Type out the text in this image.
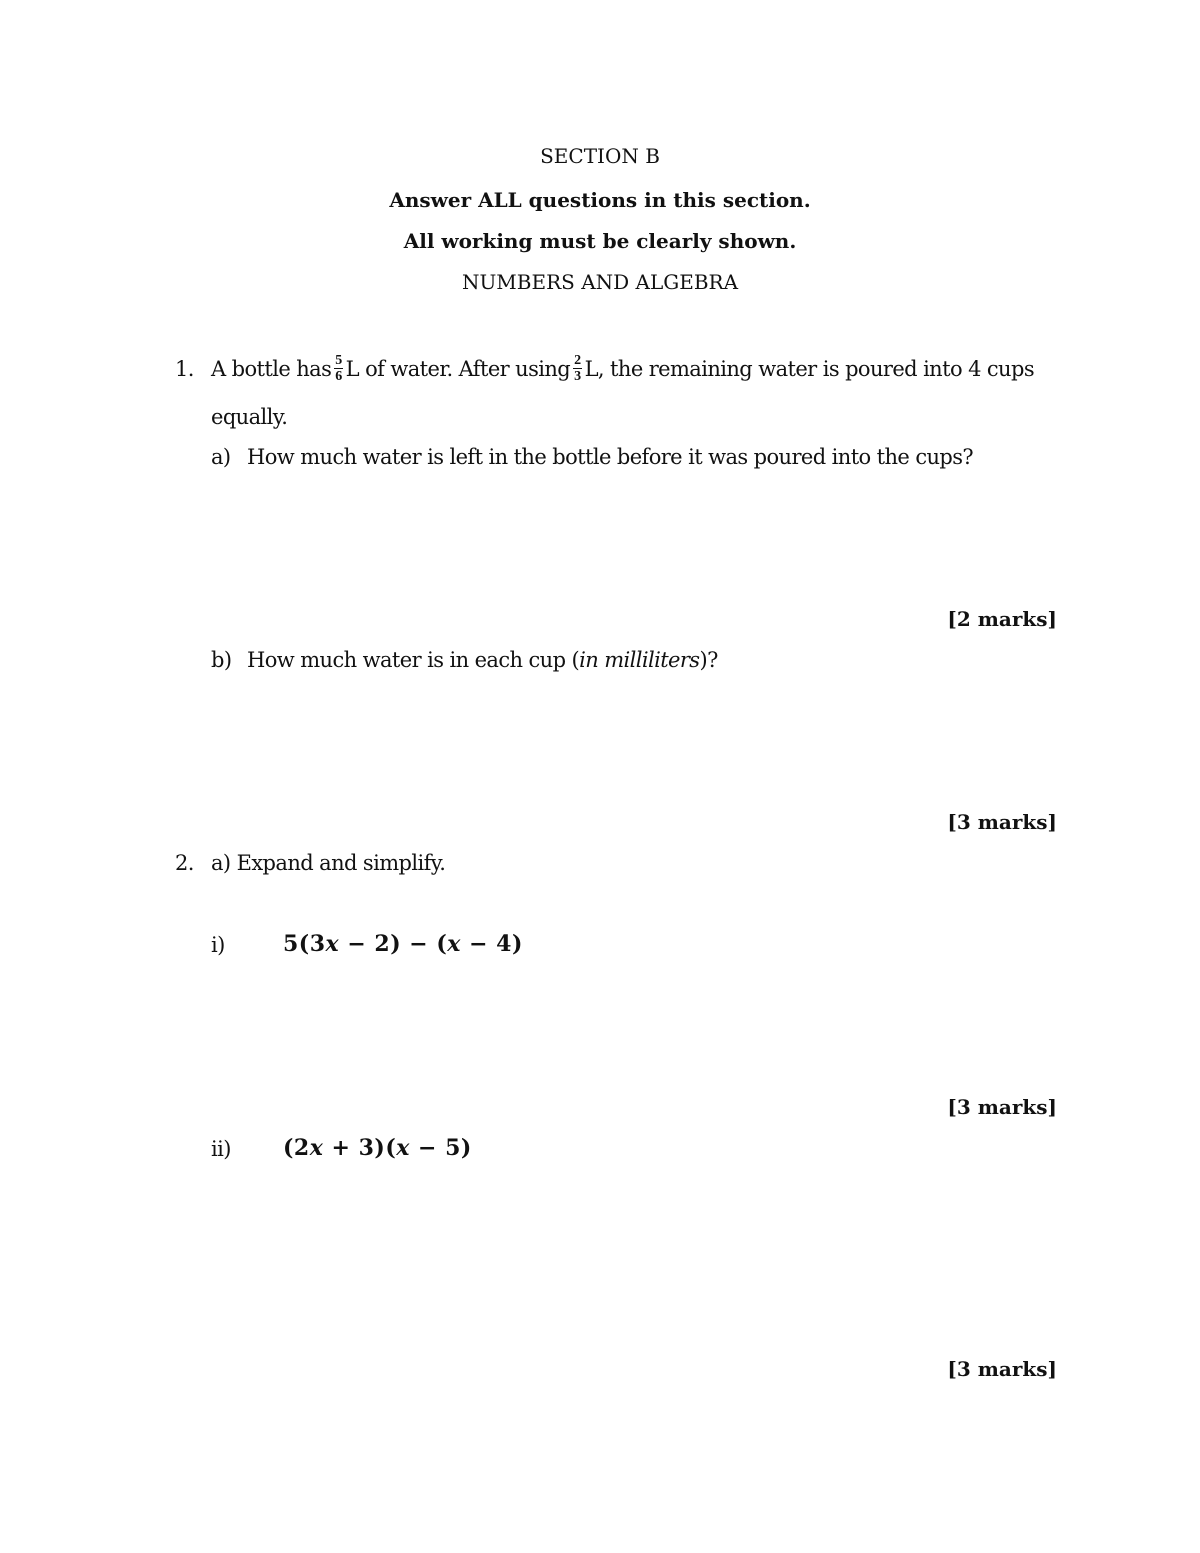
SECTION B
Answer ALL questions in this section.
All working must be clearly shown.
NUMBERS AND ALGEBRA
1. A bottle has $\frac{5}{6}$ L of water. After using $\frac{2}{3} L$, the remaining water is poured into 4 cups
equally.
a) How much water is left in the bottle before it was poured into the cups?
[2 marks]
b) How much water is in each cup (in milliliters)?
[3 marks]
2. a) Expand and simplify.
i)	5(3x − 2) − (x − 4)
[3 marks]
ii) (2x + 3)(x − 5)
[3 marks]
